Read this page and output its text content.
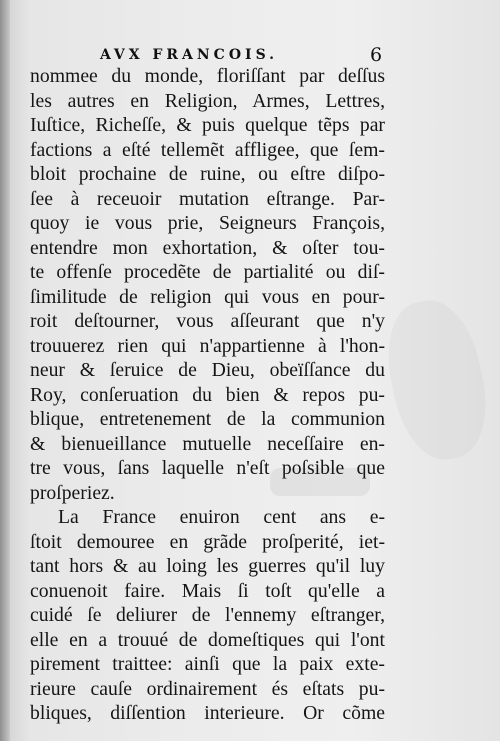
AVX FRANCOIS.	6
nommee du monde, floriſſant par deſſus
les autres en Religion, Armes, Lettres,
Iuſtice, Richeſſe, & puis quelque tẽps par
factions a eſté tellemẽt affligee, que ſem-
bloit prochaine de ruine, ou eſtre diſpo-
ſee à receuoir mutation eſtrange. Par-
quoy ie vous prie, Seigneurs François,
entendre mon exhortation, & oſter tou-
te offenſe procedẽte de partialité ou diſ-
ſimilitude de religion qui vous en pour-
roit deſtourner, vous aſſeurant que n'y
trouuerez rien qui n'appartienne à l'hon-
neur & ſeruice de Dieu, obeïſſance du
Roy, conſeruation du bien & repos pu-
blique, entretenement de la communion
& bienueillance mutuelle neceſſaire en-
tre vous, ſans laquelle n'eſt poſsible que
proſperiez.
La France enuiron cent ans e-
ſtoit demouree en grãde proſperité, iet-
tant hors & au loing les guerres qu'il luy
conuenoit faire. Mais ſi toſt qu'elle a
cuidé ſe deliurer de l'ennemy eſtranger,
elle en a trouué de domeſtiques qui l'ont
pirement traittee: ainſi que la paix exte-
rieure cauſe ordinairement és eſtats pu-
bliques, diſſention interieure. Or cõme
